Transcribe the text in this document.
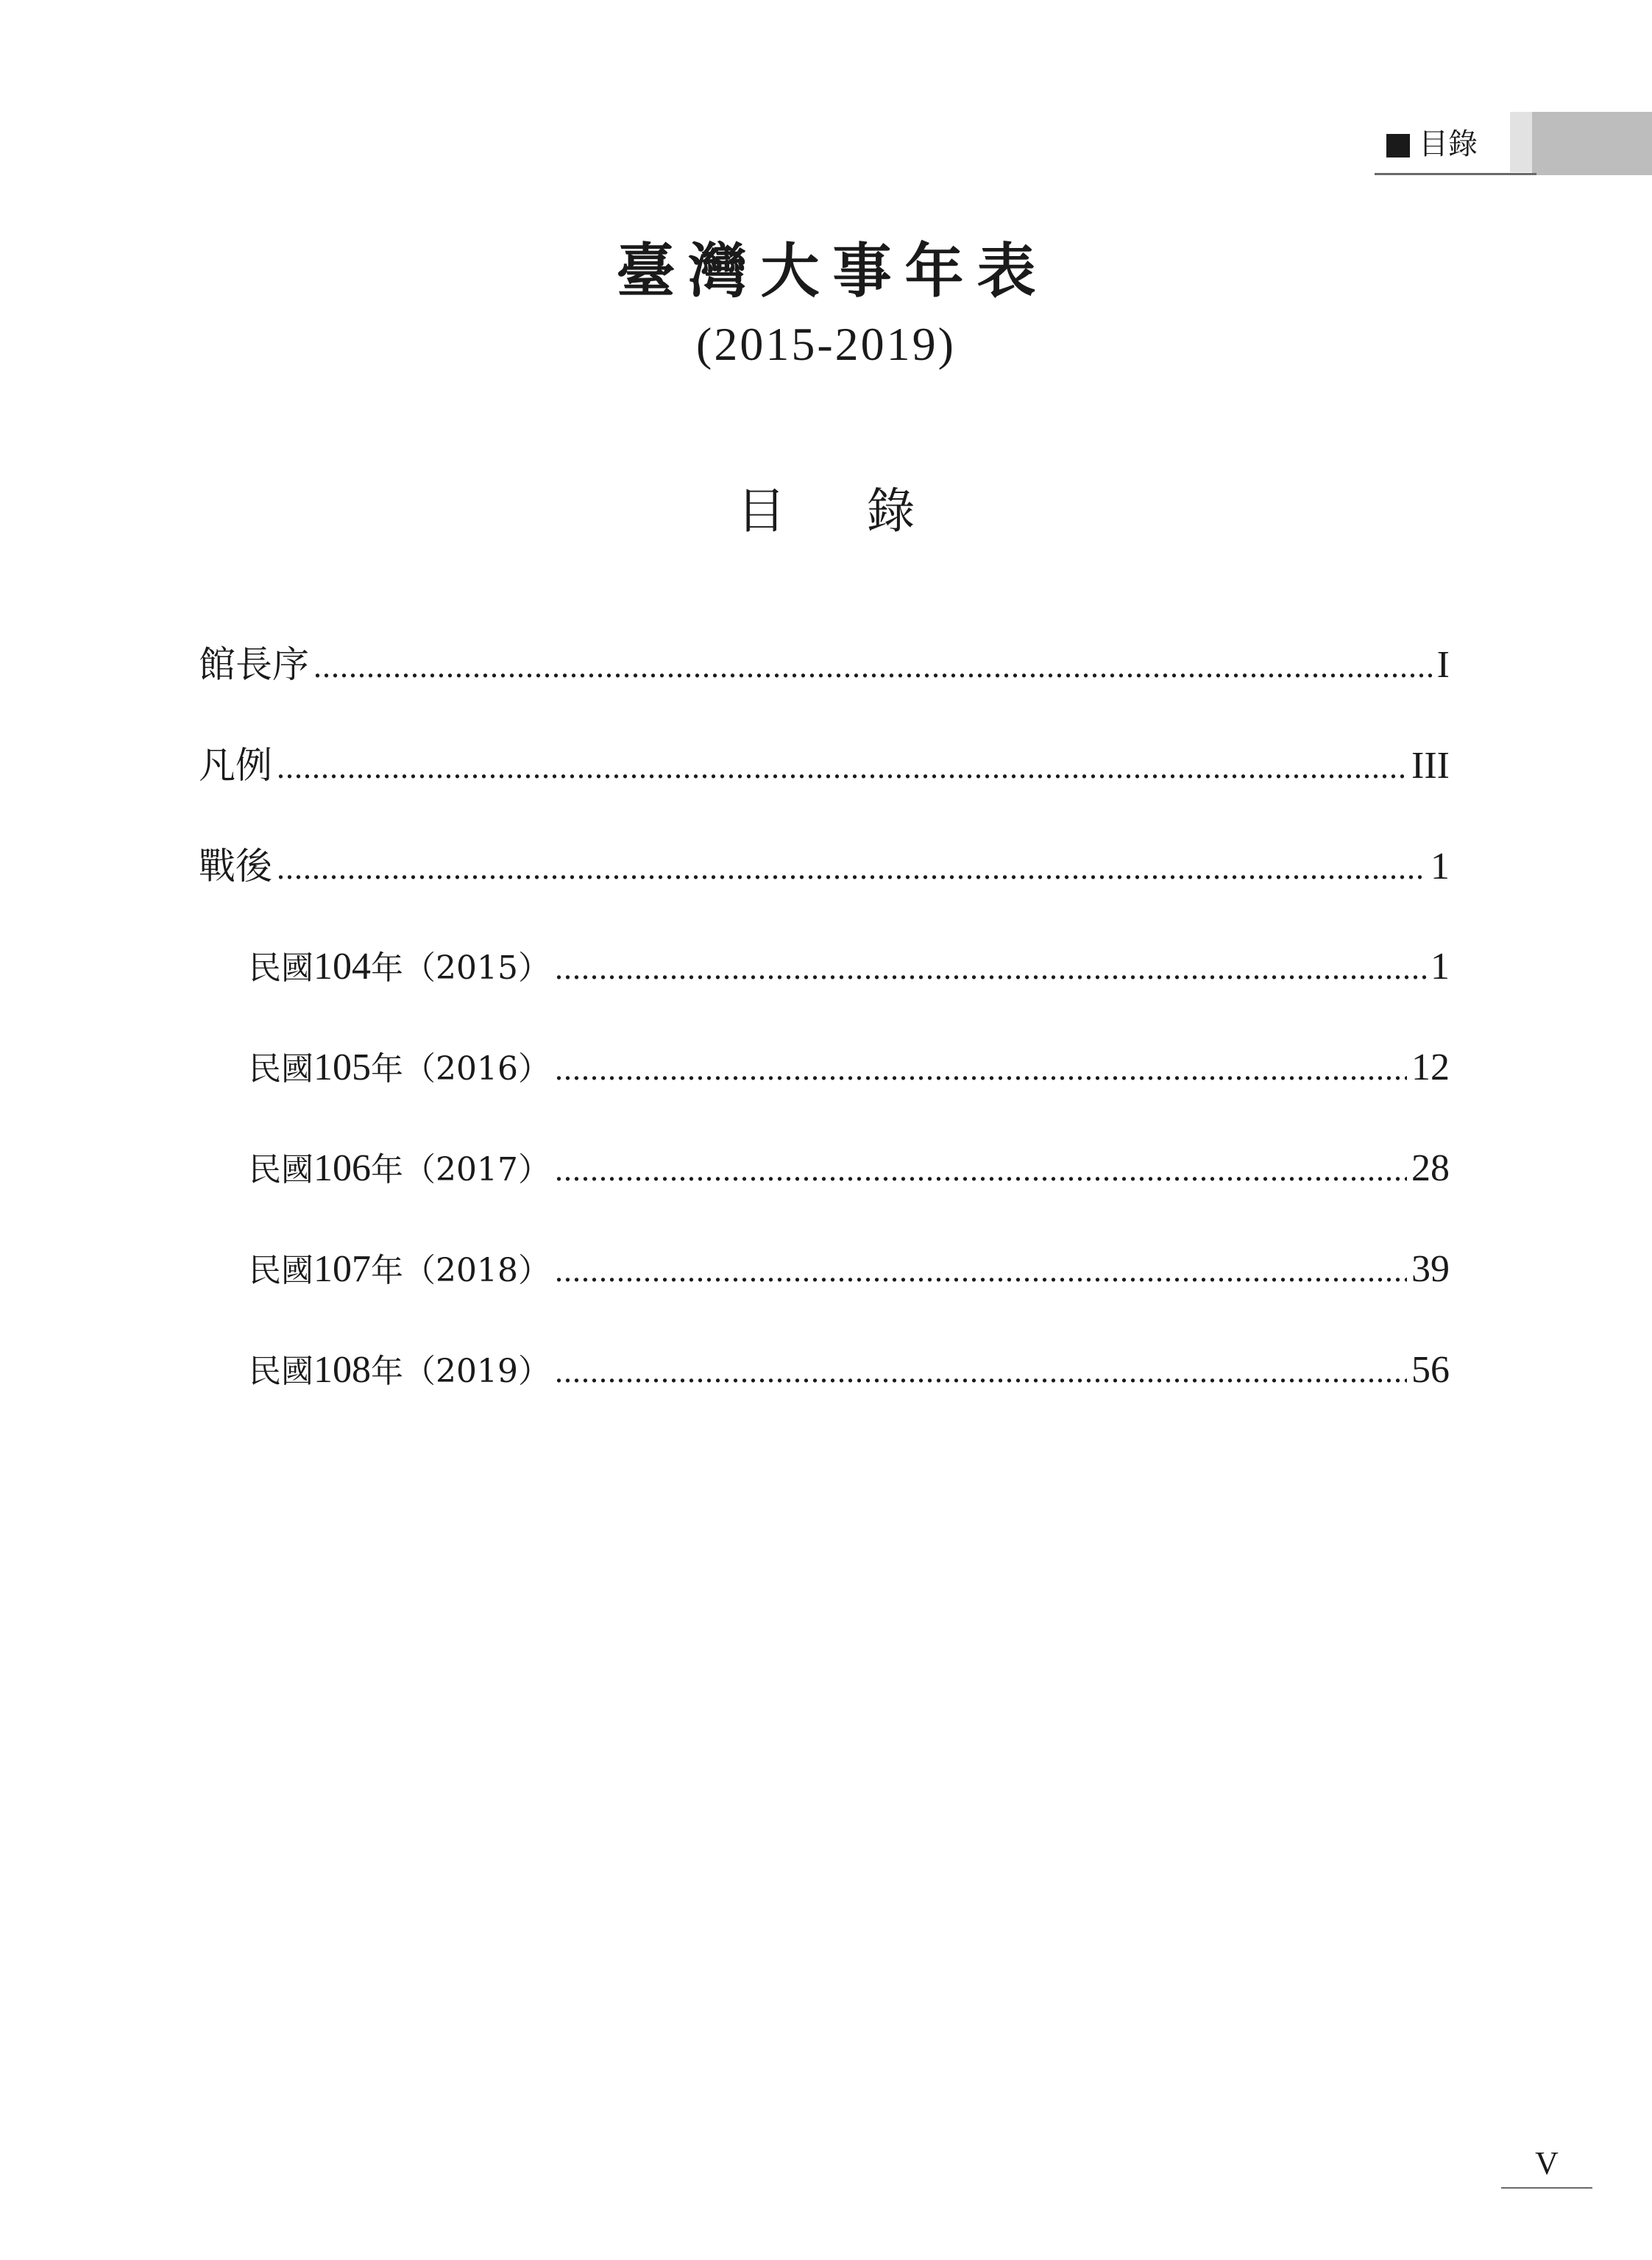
目錄
臺灣大事年表
(2015-2019)
目錄
館長序 .....	I
凡例 .....	III
戰後 .....	1
民國104年（2015） .....	1
民國105年（2016） .....	12
民國106年（2017） .....	28
民國107年（2018） .....	39
民國108年（2019） .....	56
V
